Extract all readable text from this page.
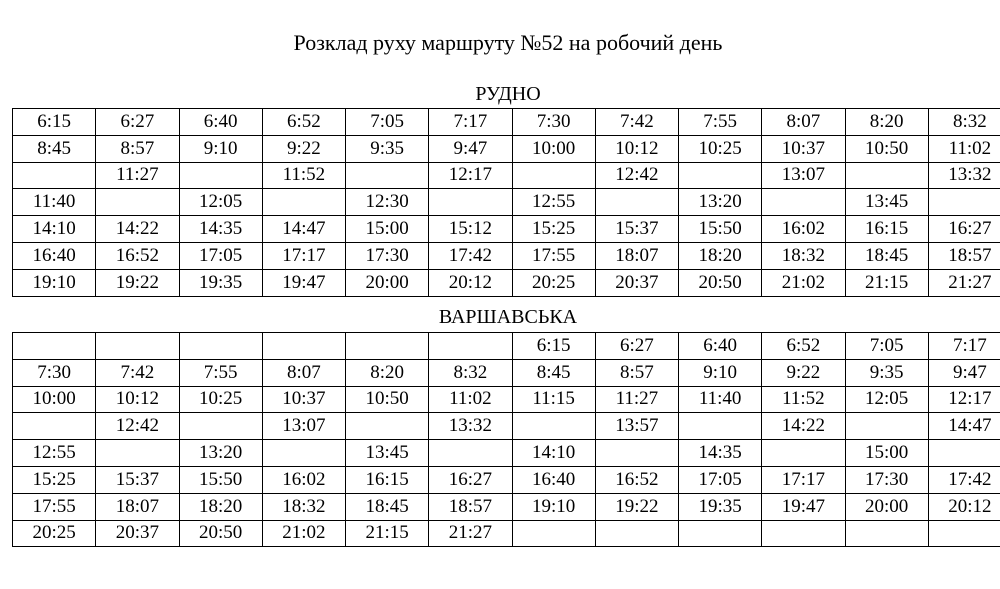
Розклад руху маршруту №52 на робочий день
РУДНО
6:15	6:27	6:40	6:52	7:05	7:17	7:30	7:42	7:55	8:07	8:20	8:32
8:45	8:57	9:10	9:22	9:35	9:47	10:00	10:12	10:25	10:37	10:50	11:02
	11:27		11:52		12:17		12:42		13:07		13:32
11:40		12:05		12:30		12:55		13:20		13:45	
14:10	14:22	14:35	14:47	15:00	15:12	15:25	15:37	15:50	16:02	16:15	16:27
16:40	16:52	17:05	17:17	17:30	17:42	17:55	18:07	18:20	18:32	18:45	18:57
19:10	19:22	19:35	19:47	20:00	20:12	20:25	20:37	20:50	21:02	21:15	21:27
ВАРШАВСЬКА
						6:15	6:27	6:40	6:52	7:05	7:17
7:30	7:42	7:55	8:07	8:20	8:32	8:45	8:57	9:10	9:22	9:35	9:47
10:00	10:12	10:25	10:37	10:50	11:02	11:15	11:27	11:40	11:52	12:05	12:17
	12:42		13:07		13:32		13:57		14:22		14:47
12:55		13:20		13:45		14:10		14:35		15:00	
15:25	15:37	15:50	16:02	16:15	16:27	16:40	16:52	17:05	17:17	17:30	17:42
17:55	18:07	18:20	18:32	18:45	18:57	19:10	19:22	19:35	19:47	20:00	20:12
20:25	20:37	20:50	21:02	21:15	21:27						
